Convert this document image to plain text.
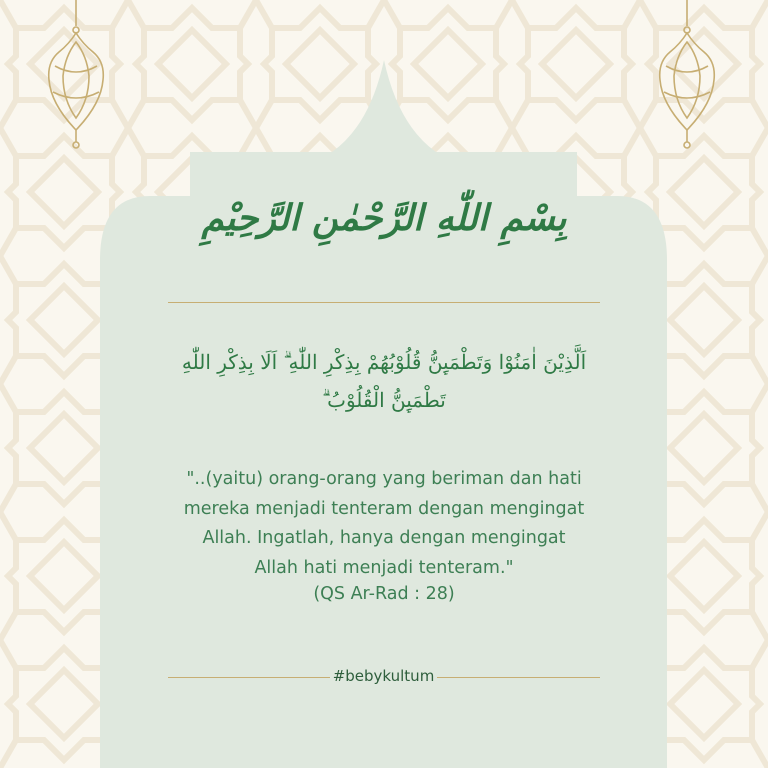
بِسْمِ اللّٰهِ الرَّحْمٰنِ الرَّحِيْمِ
اَلَّذِيْنَ اٰمَنُوْا وَتَطْمَىِٕنُّ قُلُوْبُهُمْ بِذِكْرِ اللّٰهِ ۗ اَلَا بِذِكْرِ اللّٰهِ تَطْمَىِٕنُّ الْقُلُوْبُ ۗ
"..(yaitu) orang-orang yang beriman dan hati
mereka menjadi tenteram dengan mengingat
Allah. Ingatlah, hanya dengan mengingat
Allah hati menjadi tenteram."
(QS Ar-Rad : 28)
#bebykultum
